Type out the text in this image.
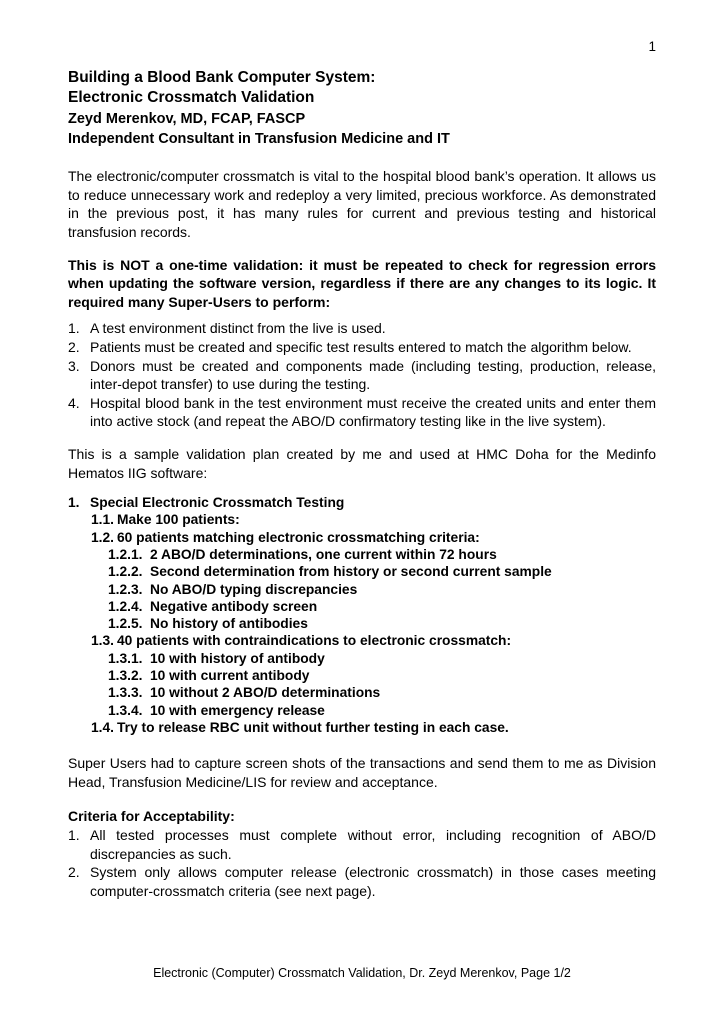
1
Building a Blood Bank Computer System:
Electronic Crossmatch Validation
Zeyd Merenkov, MD, FCAP, FASCP
Independent Consultant in Transfusion Medicine and IT
The electronic/computer crossmatch is vital to the hospital blood bank’s operation. It allows us to reduce unnecessary work and redeploy a very limited, precious workforce. As demonstrated in the previous post, it has many rules for current and previous testing and historical transfusion records.
This is NOT a one-time validation: it must be repeated to check for regression errors when updating the software version, regardless if there are any changes to its logic. It required many Super-Users to perform:
1. A test environment distinct from the live is used.
2. Patients must be created and specific test results entered to match the algorithm below.
3. Donors must be created and components made (including testing, production, release, inter-depot transfer) to use during the testing.
4. Hospital blood bank in the test environment must receive the created units and enter them into active stock (and repeat the ABO/D confirmatory testing like in the live system).
This is a sample validation plan created by me and used at HMC Doha for the Medinfo Hematos IIG software:
1. Special Electronic Crossmatch Testing
1.1. Make 100 patients:
1.2. 60 patients matching electronic crossmatching criteria:
1.2.1. 2 ABO/D determinations, one current within 72 hours
1.2.2. Second determination from history or second current sample
1.2.3. No ABO/D typing discrepancies
1.2.4. Negative antibody screen
1.2.5. No history of antibodies
1.3. 40 patients with contraindications to electronic crossmatch:
1.3.1. 10 with history of antibody
1.3.2. 10 with current antibody
1.3.3. 10 without 2 ABO/D determinations
1.3.4. 10 with emergency release
1.4. Try to release RBC unit without further testing in each case.
Super Users had to capture screen shots of the transactions and send them to me as Division Head, Transfusion Medicine/LIS for review and acceptance.
Criteria for Acceptability:
1. All tested processes must complete without error, including recognition of ABO/D discrepancies as such.
2. System only allows computer release (electronic crossmatch) in those cases meeting computer-crossmatch criteria (see next page).
Electronic (Computer) Crossmatch Validation, Dr. Zeyd Merenkov, Page 1/2
